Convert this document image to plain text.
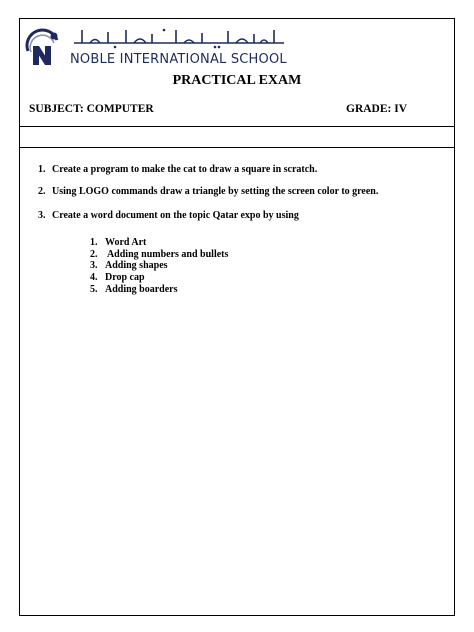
NOBLE INTERNATIONAL SCHOOL
PRACTICAL EXAM
SUBJECT: COMPUTER	GRADE: IV
1. Create a program to make the cat to draw a square in scratch.
2. Using LOGO commands draw a triangle by setting the screen color to green.
3. Create a word document on the topic Qatar expo by using
1. Word Art
2. Adding numbers and bullets
3. Adding shapes
4. Drop cap
5. Adding boarders
